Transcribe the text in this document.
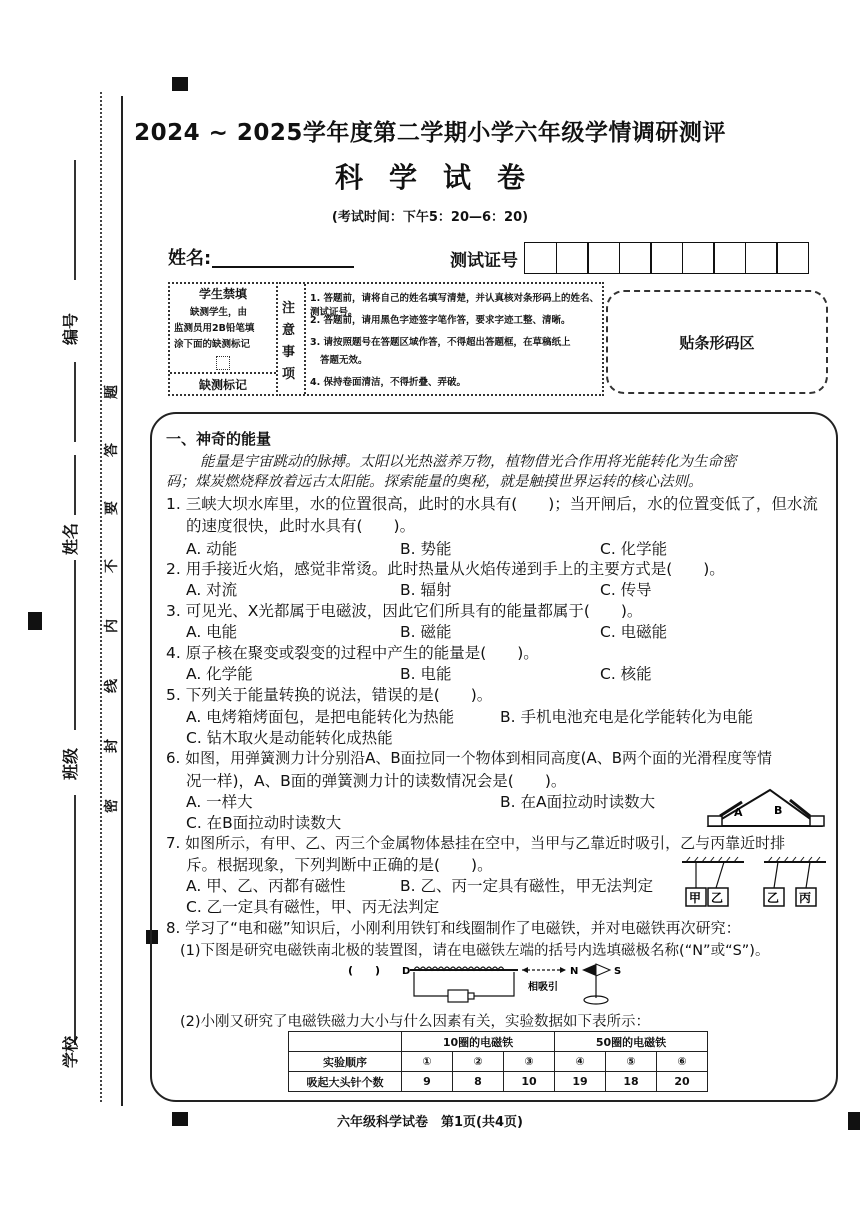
编号
姓名
班级
学校
题
答
要
不
内
线
封
密
2024 ~ 2025学年度第二学期小学六年级学情调研测评
科学试卷
(考试时间：下午5：20—6：20)
姓名:	测试证号
学生禁填
缺测学生，由
监测员用2B铅笔填
涂下面的缺测标记
缺测标记
注意事项
1. 答题前，请将自己的姓名填写清楚，并认真核对条形码上的姓名、测试证号。
2. 答题前，请用黑色字迹签字笔作答，要求字迹工整、清晰。
3. 请按照题号在答题区域作答，不得超出答题框，在草稿纸上
答题无效。
4. 保持卷面清洁，不得折叠、弄破。
贴条形码区
一、神奇的能量
能量是宇宙跳动的脉搏。太阳以光热滋养万物，植物借光合作用将光能转化为生命密
码；煤炭燃烧释放着远古太阳能。探索能量的奥秘，就是触摸世界运转的核心法则。
1. 三峡大坝水库里，水的位置很高，此时的水具有(　　)；当开闸后，水的位置变低了，但水流
的速度很快，此时水具有(　　)。
A. 动能	B. 势能	C. 化学能
2. 用手接近火焰，感觉非常烫。此时热量从火焰传递到手上的主要方式是(　　)。
A. 对流	B. 辐射	C. 传导
3. 可见光、X光都属于电磁波，因此它们所具有的能量都属于(　　)。
A. 电能	B. 磁能	C. 电磁能
4. 原子核在聚变或裂变的过程中产生的能量是(　　)。
A. 化学能	B. 电能	C. 核能
5. 下列关于能量转换的说法，错误的是(　　)。
A. 电烤箱烤面包，是把电能转化为热能	B. 手机电池充电是化学能转化为电能
C. 钻木取火是动能转化成热能
6. 如图，用弹簧测力计分别沿A、B面拉同一个物体到相同高度(A、B两个面的光滑程度等情
况一样)，A、B面的弹簧测力计的读数情况会是(　　)。
A. 一样大	B. 在A面拉动时读数大
C. 在B面拉动时读数大
A	B
7. 如图所示，有甲、乙、丙三个金属物体悬挂在空中，当甲与乙靠近时吸引，乙与丙靠近时排
斥。根据现象，下列判断中正确的是(　　)。
A. 甲、乙、丙都有磁性	B. 乙、丙一定具有磁性，甲无法判定
C. 乙一定具有磁性，甲、丙无法判定	甲 乙	乙 丙
8. 学习了“电和磁”知识后，小刚利用铁钉和线圈制作了电磁铁，并对电磁铁再次研究：
(1)下图是研究电磁铁南北极的装置图，请在电磁铁左端的括号内选填磁极名称(“N”或“S”)。
(　　) D
相吸引
N	S
(2)小刚又研究了电磁铁磁力大小与什么因素有关，实验数据如下表所示：
	10圈的电磁铁			50圈的电磁铁		
实验顺序	①	②	③	④	⑤	⑥
吸起大头针个数	9	8	10	19	18	20
六年级科学试卷　第1页(共4页)
